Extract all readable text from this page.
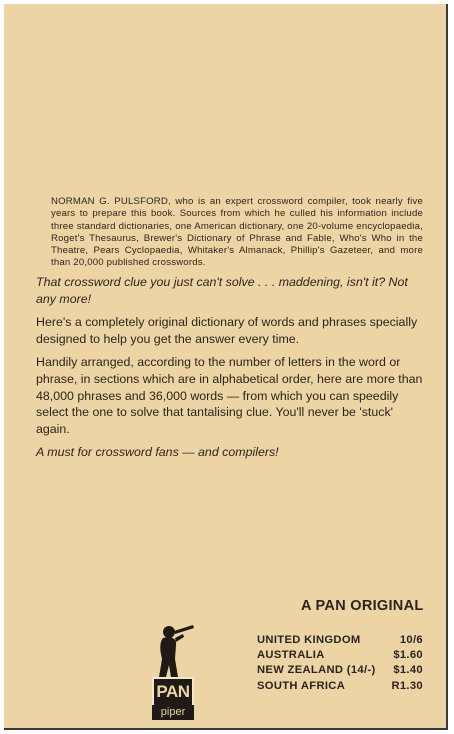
NORMAN G. PULSFORD, who is an expert crossword compiler, took nearly five years to prepare this book. Sources from which he culled his information include three standard dictionaries, one American dictionary, one 20-volume encyclopaedia, Roget's Thesaurus, Brewer's Dictionary of Phrase and Fable, Who's Who in the Theatre, Pears Cyclopaedia, Whitaker's Almanack, Phillip's Gazeteer, and more than 20,000 published crosswords.

That crossword clue you just can't solve . . . maddening, isn't it? Not any more!

Here's a completely original dictionary of words and phrases specially designed to help you get the answer every time.

Handily arranged, according to the number of letters in the word or phrase, in sections which are in alphabetical order, here are more than 48,000 phrases and 36,000 words — from which you can speedily select the one to solve that tantalising clue. You'll never be 'stuck' again.

A must for crossword fans — and compilers!

A PAN ORIGINAL
PAN
piper
UNITED KINGDOM	10/6
AUSTRALIA	$1.60
NEW ZEALAND (14/-) $1.40
SOUTH AFRICA	R1.30
